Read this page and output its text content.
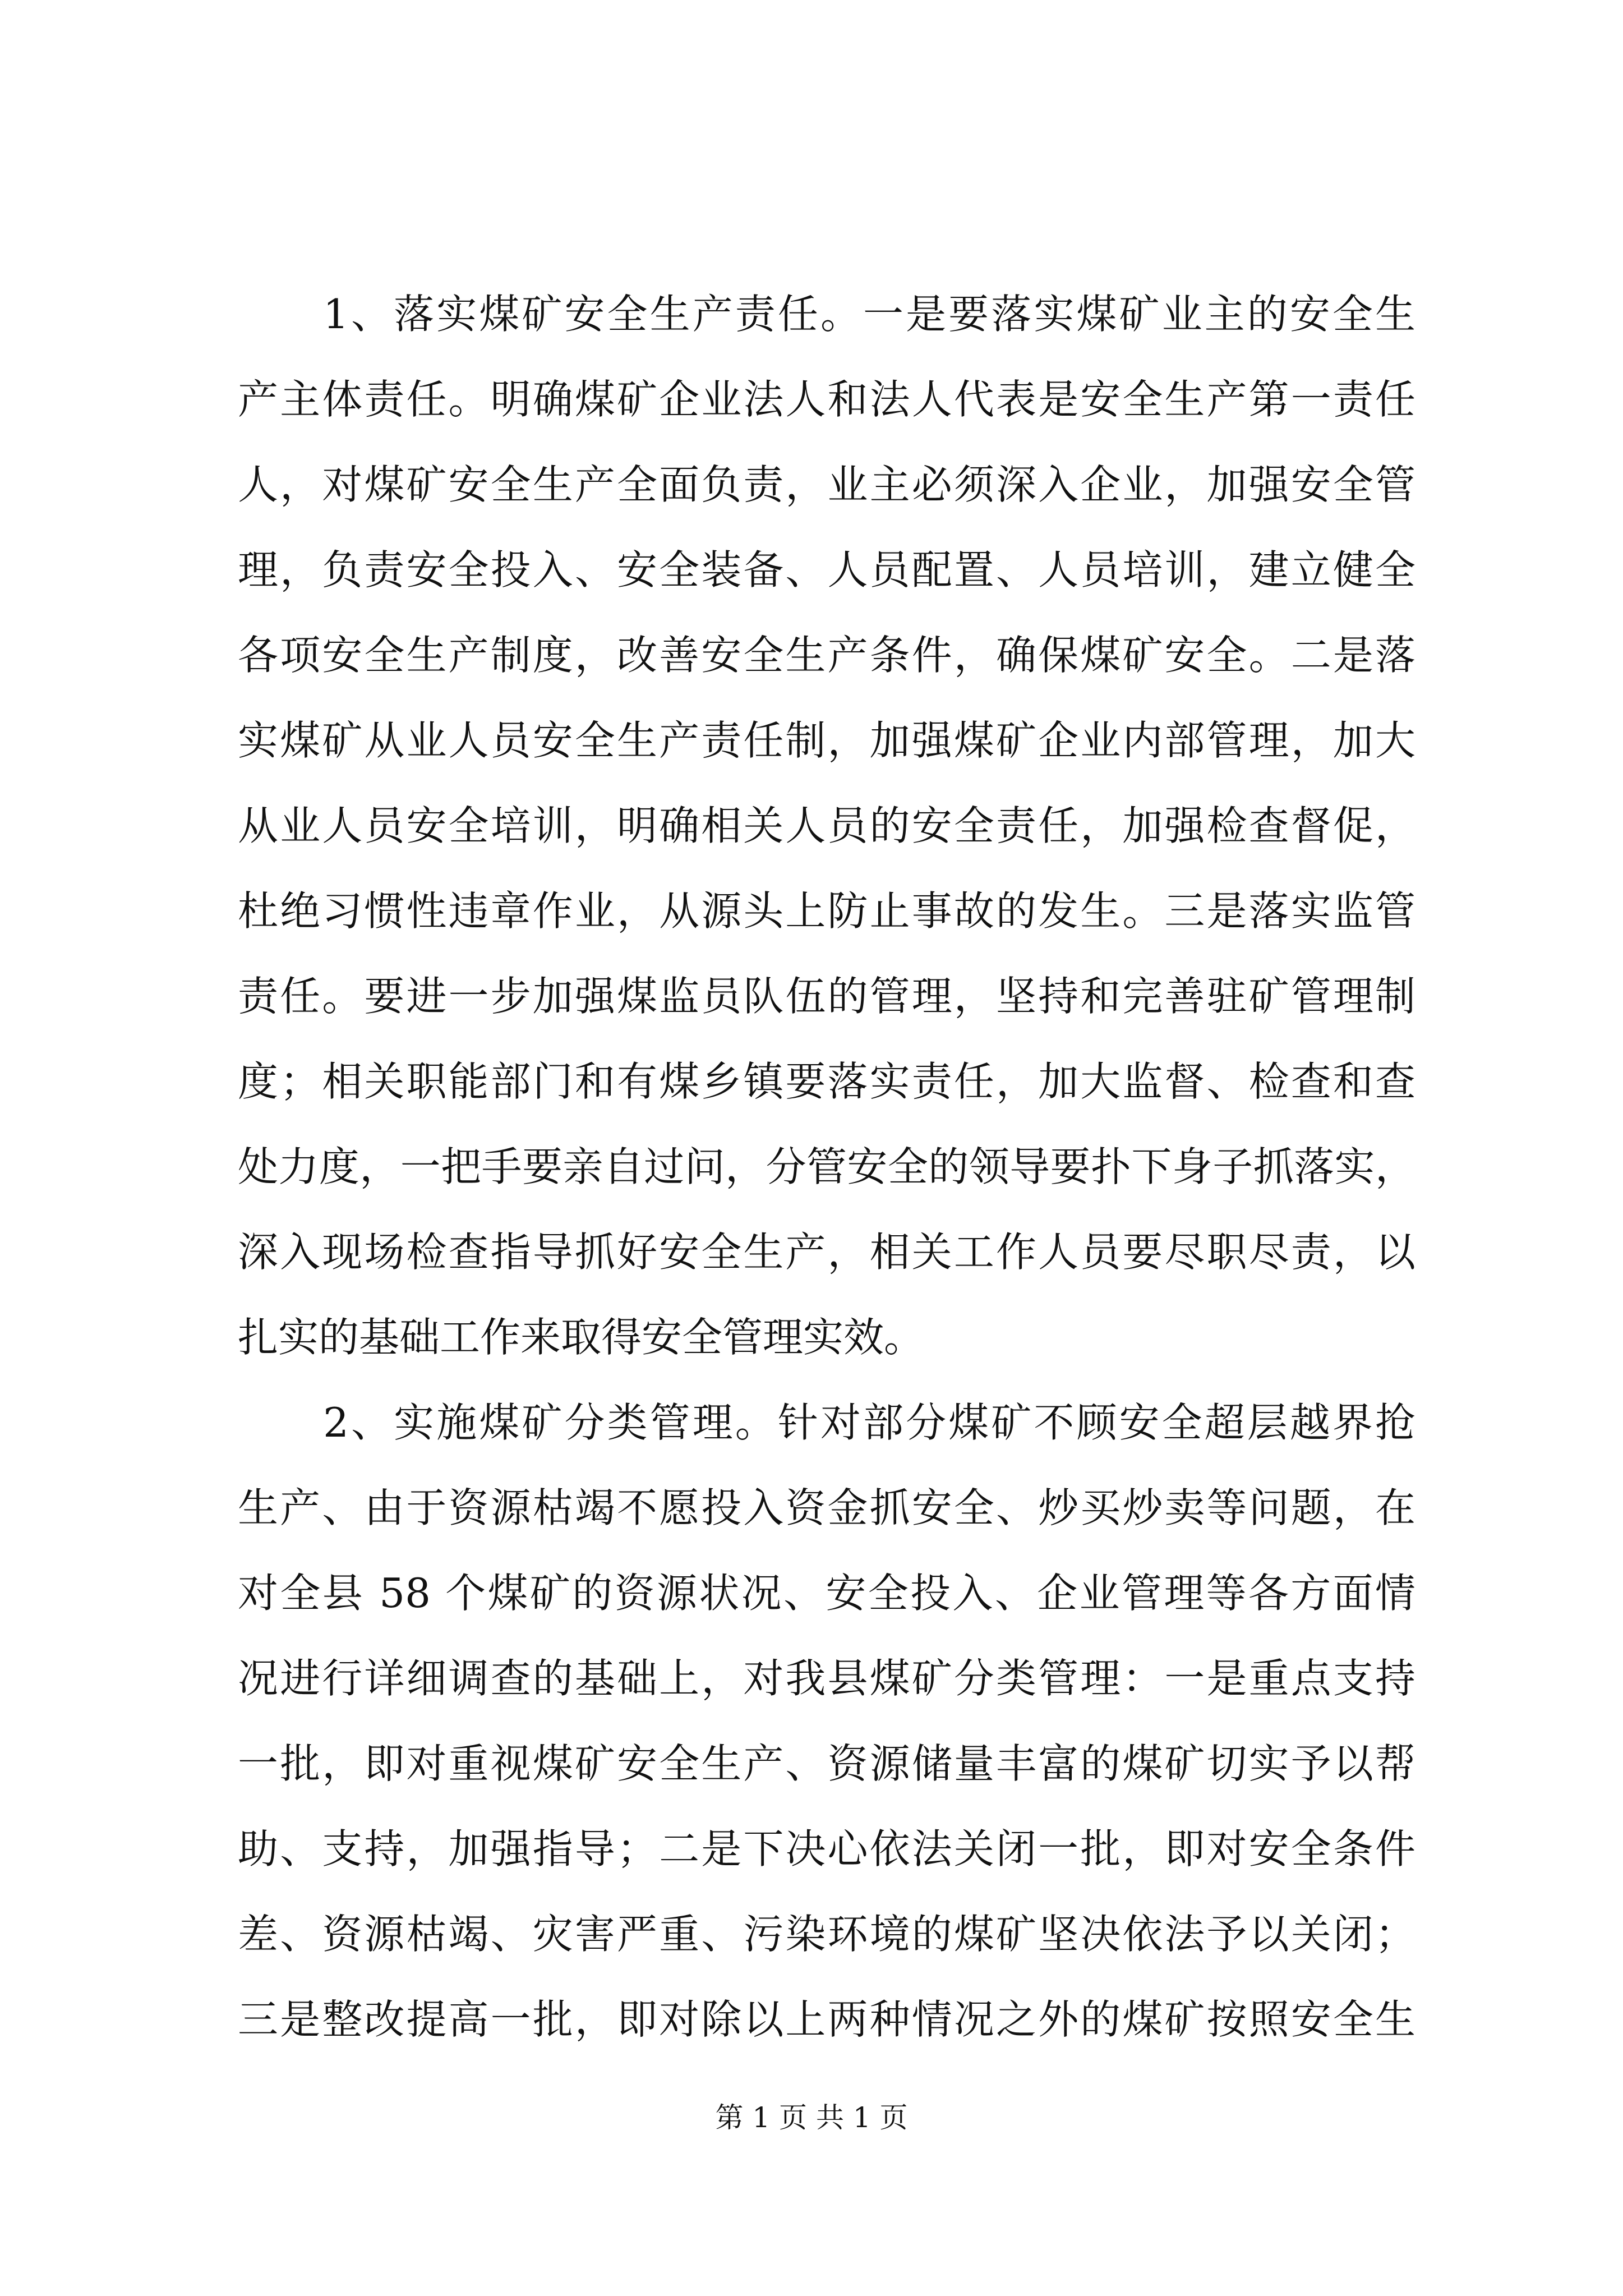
　　1、落实煤矿安全生产责任。一是要落实煤矿业主的安全生
产主体责任。明确煤矿企业法人和法人代表是安全生产第一责任
人，对煤矿安全生产全面负责，业主必须深入企业，加强安全管
理，负责安全投入、安全装备、人员配置、人员培训，建立健全
各项安全生产制度，改善安全生产条件，确保煤矿安全。二是落
实煤矿从业人员安全生产责任制，加强煤矿企业内部管理，加大
从业人员安全培训，明确相关人员的安全责任，加强检查督促，
杜绝习惯性违章作业，从源头上防止事故的发生。三是落实监管
责任。要进一步加强煤监员队伍的管理，坚持和完善驻矿管理制
度；相关职能部门和有煤乡镇要落实责任，加大监督、检查和查
处力度，一把手要亲自过问，分管安全的领导要扑下身子抓落实，
深入现场检查指导抓好安全生产，相关工作人员要尽职尽责，以
扎实的基础工作来取得安全管理实效。
　　2、实施煤矿分类管理。针对部分煤矿不顾安全超层越界抢
生产、由于资源枯竭不愿投入资金抓安全、炒买炒卖等问题，在
对全县 58 个煤矿的资源状况、安全投入、企业管理等各方面情
况进行详细调查的基础上，对我县煤矿分类管理：一是重点支持
一批，即对重视煤矿安全生产、资源储量丰富的煤矿切实予以帮
助、支持，加强指导；二是下决心依法关闭一批，即对安全条件
差、资源枯竭、灾害严重、污染环境的煤矿坚决依法予以关闭；
三是整改提高一批，即对除以上两种情况之外的煤矿按照安全生
第 1 页 共 1 页
